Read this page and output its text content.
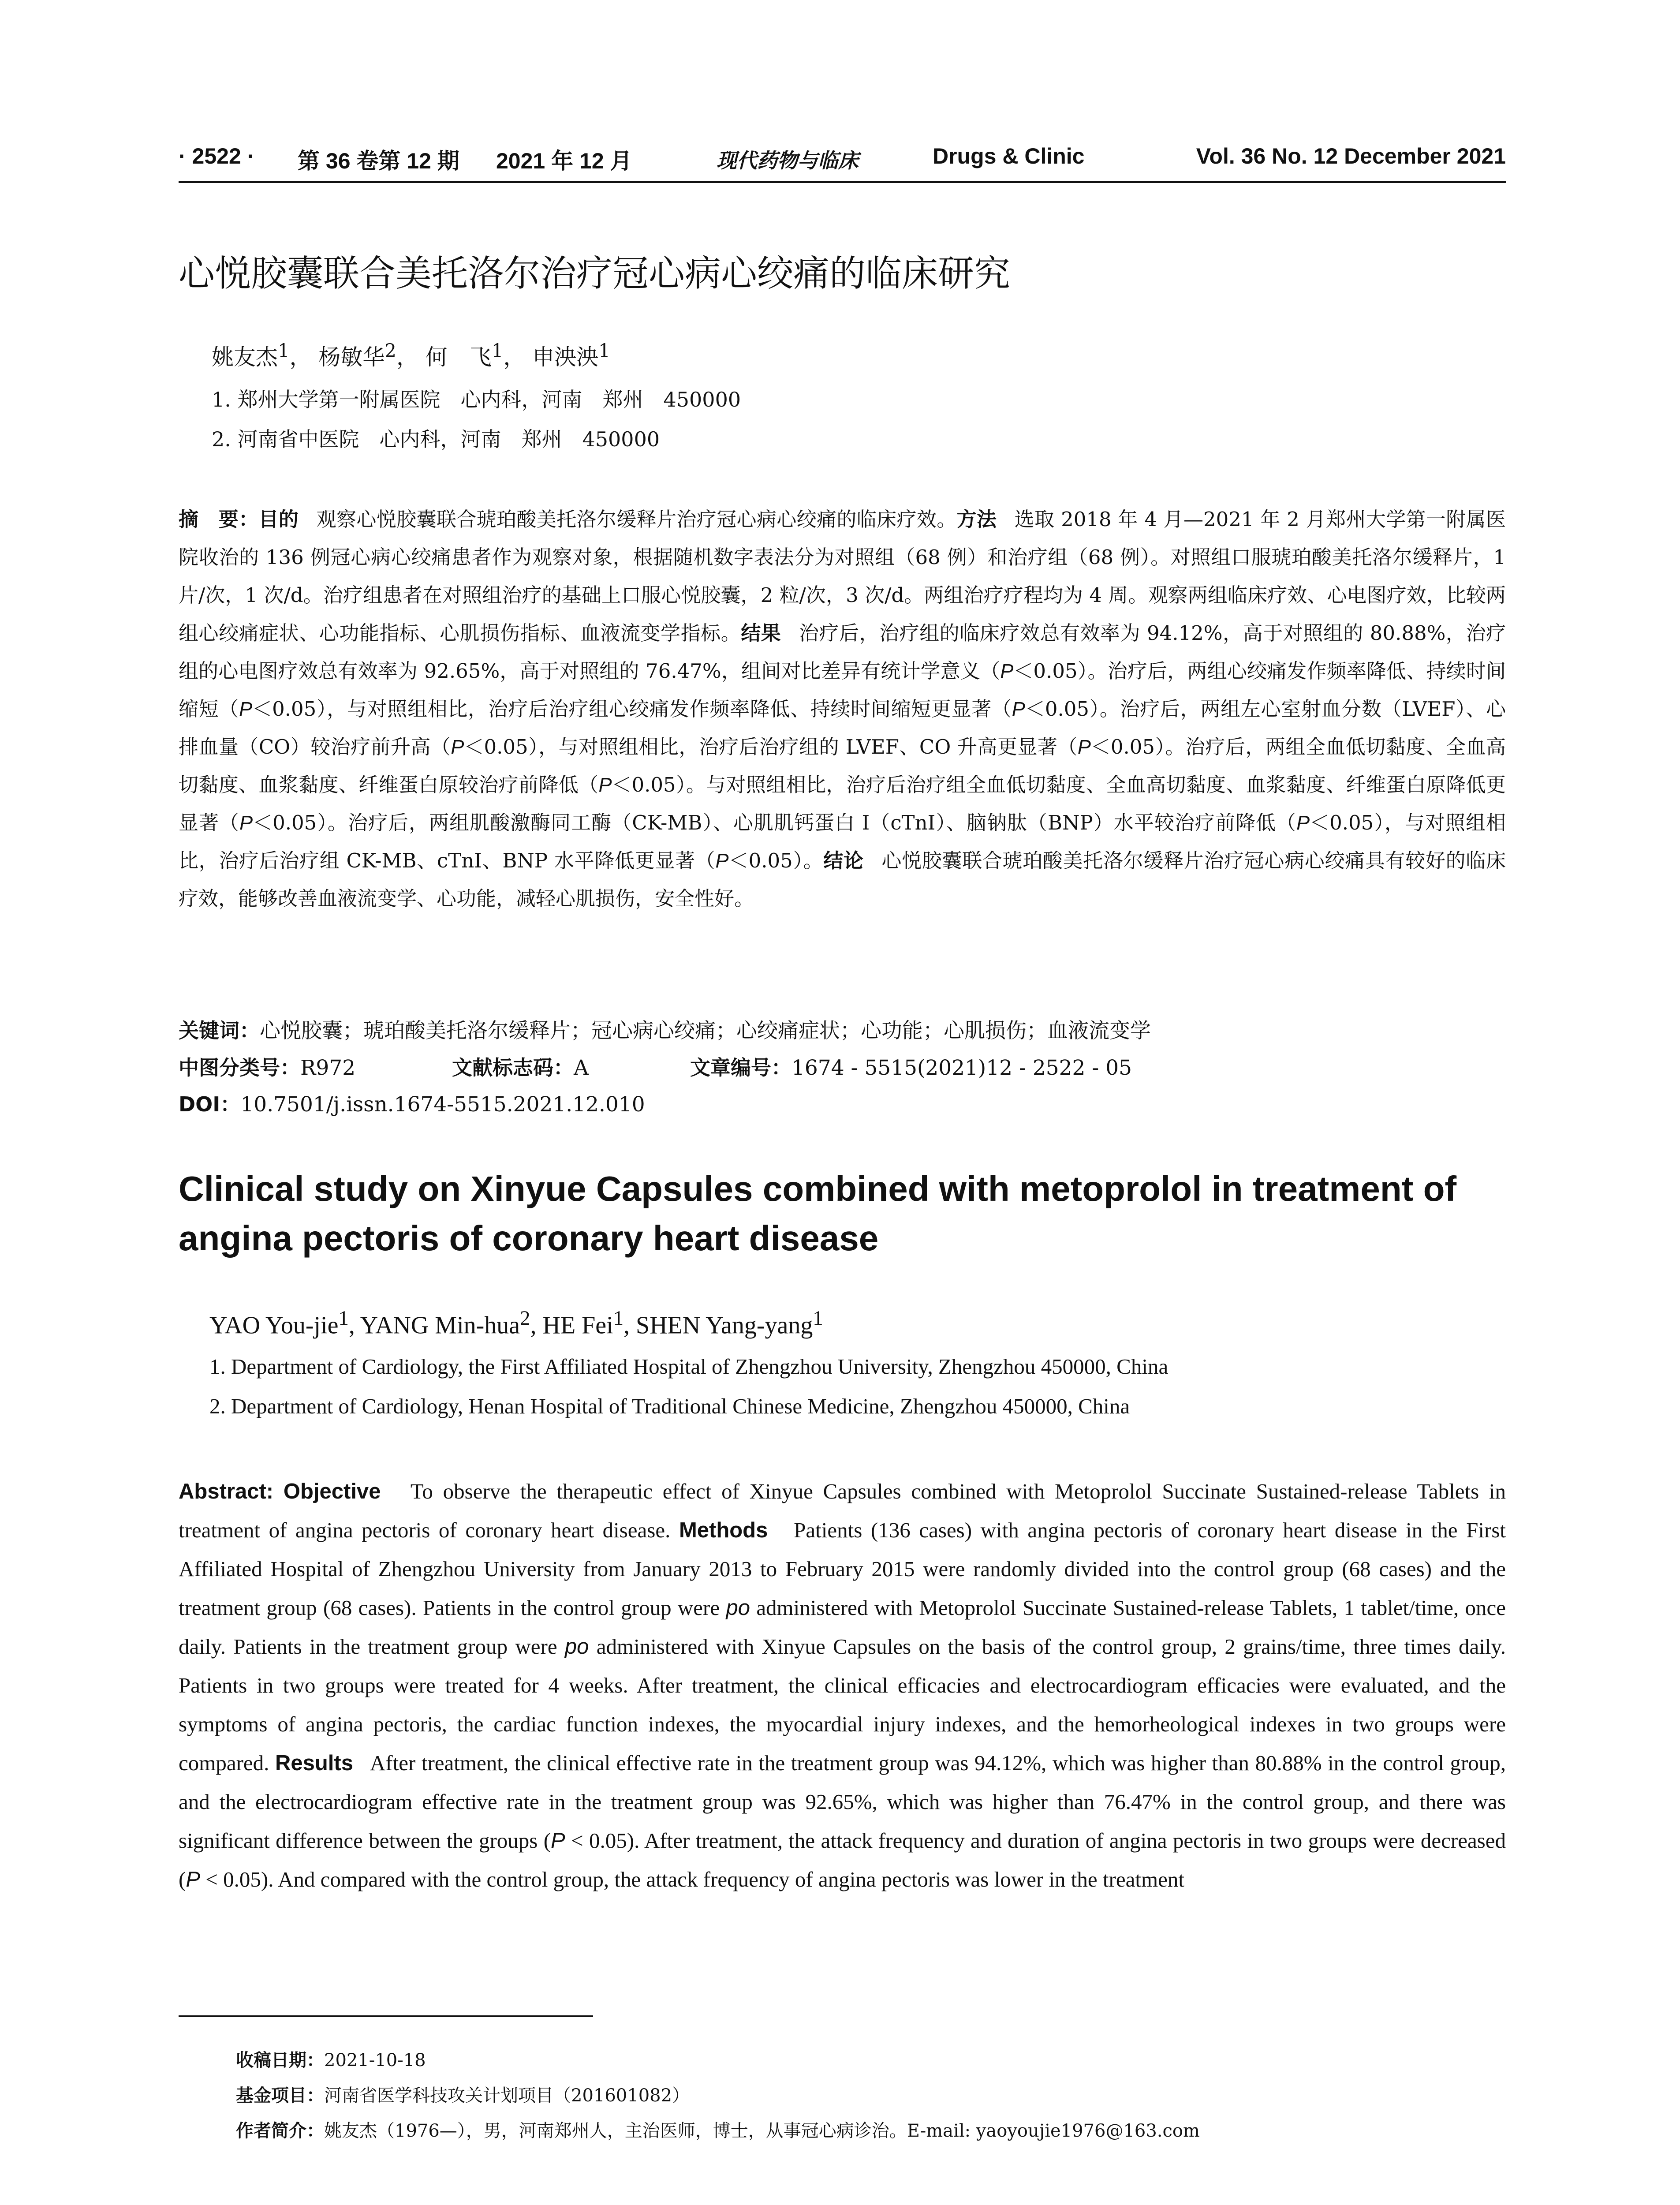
· 2522 · 第 36 卷第 12 期 2021 年 12 月	现代药物与临床	Drugs & Clinic	Vol. 36 No. 12 December 2021
心悦胶囊联合美托洛尔治疗冠心病心绞痛的临床研究
姚友杰$^1$， 杨敏华$^2$， 何　飞$^1$， 申泱泱$^1$
1. 郑州大学第一附属医院　心内科，河南　郑州　450000
2. 河南省中医院　心内科，河南　郑州　450000
摘　要：目的 观察心悦胶囊联合琥珀酸美托洛尔缓释片治疗冠心病心绞痛的临床疗效。方法 选取 2018 年 4 月—2021 年 2 月郑州大学第一附属医院收治的 136 例冠心病心绞痛患者作为观察对象，根据随机数字表法分为对照组（68 例）和治疗组（68 例）。对照组口服琥珀酸美托洛尔缓释片，1 片/次，1 次/d。治疗组患者在对照组治疗的基础上口服心悦胶囊，2 粒/次，3 次/d。两组治疗疗程均为 4 周。观察两组临床疗效、心电图疗效，比较两组心绞痛症状、心功能指标、心肌损伤指标、血液流变学指标。结果 治疗后，治疗组的临床疗效总有效率为 94.12%，高于对照组的 80.88%，治疗组的心电图疗效总有效率为 92.65%，高于对照组的 76.47%，组间对比差异有统计学意义（P＜0.05）。治疗后，两组心绞痛发作频率降低、持续时间缩短（P＜0.05），与对照组相比，治疗后治疗组心绞痛发作频率降低、持续时间缩短更显著（P＜0.05）。治疗后，两组左心室射血分数（LVEF）、心排血量（CO）较治疗前升高（P＜0.05），与对照组相比，治疗后治疗组的 LVEF、CO 升高更显著（P＜0.05）。治疗后，两组全血低切黏度、全血高切黏度、血浆黏度、纤维蛋白原较治疗前降低（P＜0.05）。与对照组相比，治疗后治疗组全血低切黏度、全血高切黏度、血浆黏度、纤维蛋白原降低更显著（P＜0.05）。治疗后，两组肌酸激酶同工酶（CK-MB）、心肌肌钙蛋白 I（cTnI）、脑钠肽（BNP）水平较治疗前降低（P＜0.05），与对照组相比，治疗后治疗组 CK-MB、cTnI、BNP 水平降低更显著（P＜0.05）。结论 心悦胶囊联合琥珀酸美托洛尔缓释片治疗冠心病心绞痛具有较好的临床疗效，能够改善血液流变学、心功能，减轻心肌损伤，安全性好。
关键词：心悦胶囊；琥珀酸美托洛尔缓释片；冠心病心绞痛；心绞痛症状；心功能；心肌损伤；血液流变学
中图分类号：R972	文献标志码：A	文章编号：1674 - 5515(2021)12 - 2522 - 05
DOI：10.7501/j.issn.1674-5515.2021.12.010
Clinical study on Xinyue Capsules combined with metoprolol in treatment of angina pectoris of coronary heart disease
YAO You-jie$^1$, YANG Min-hua$^2$, HE Fei$^1$, SHEN Yang-yang$^1$
1. Department of Cardiology, the First Affiliated Hospital of Zhengzhou University, Zhengzhou 450000, China
2. Department of Cardiology, Henan Hospital of Traditional Chinese Medicine, Zhengzhou 450000, China
Abstract: Objective To observe the therapeutic effect of Xinyue Capsules combined with Metoprolol Succinate Sustained-release Tablets in treatment of angina pectoris of coronary heart disease. Methods Patients (136 cases) with angina pectoris of coronary heart disease in the First Affiliated Hospital of Zhengzhou University from January 2013 to February 2015 were randomly divided into the control group (68 cases) and the treatment group (68 cases). Patients in the control group were po administered with Metoprolol Succinate Sustained-release Tablets, 1 tablet/time, once daily. Patients in the treatment group were po administered with Xinyue Capsules on the basis of the control group, 2 grains/time, three times daily. Patients in two groups were treated for 4 weeks. After treatment, the clinical efficacies and electrocardiogram efficacies were evaluated, and the symptoms of angina pectoris, the cardiac function indexes, the myocardial injury indexes, and the hemorheological indexes in two groups were compared. Results After treatment, the clinical effective rate in the treatment group was 94.12%, which was higher than 80.88% in the control group, and the electrocardiogram effective rate in the treatment group was 92.65%, which was higher than 76.47% in the control group, and there was significant difference between the groups (P < 0.05). After treatment, the attack frequency and duration of angina pectoris in two groups were decreased (P < 0.05). And compared with the control group, the attack frequency of angina pectoris was lower in the treatment
收稿日期：2021-10-18
基金项目：河南省医学科技攻关计划项目（201601082）
作者简介：姚友杰（1976—），男，河南郑州人，主治医师，博士，从事冠心病诊治。E-mail: yaoyoujie1976@163.com
